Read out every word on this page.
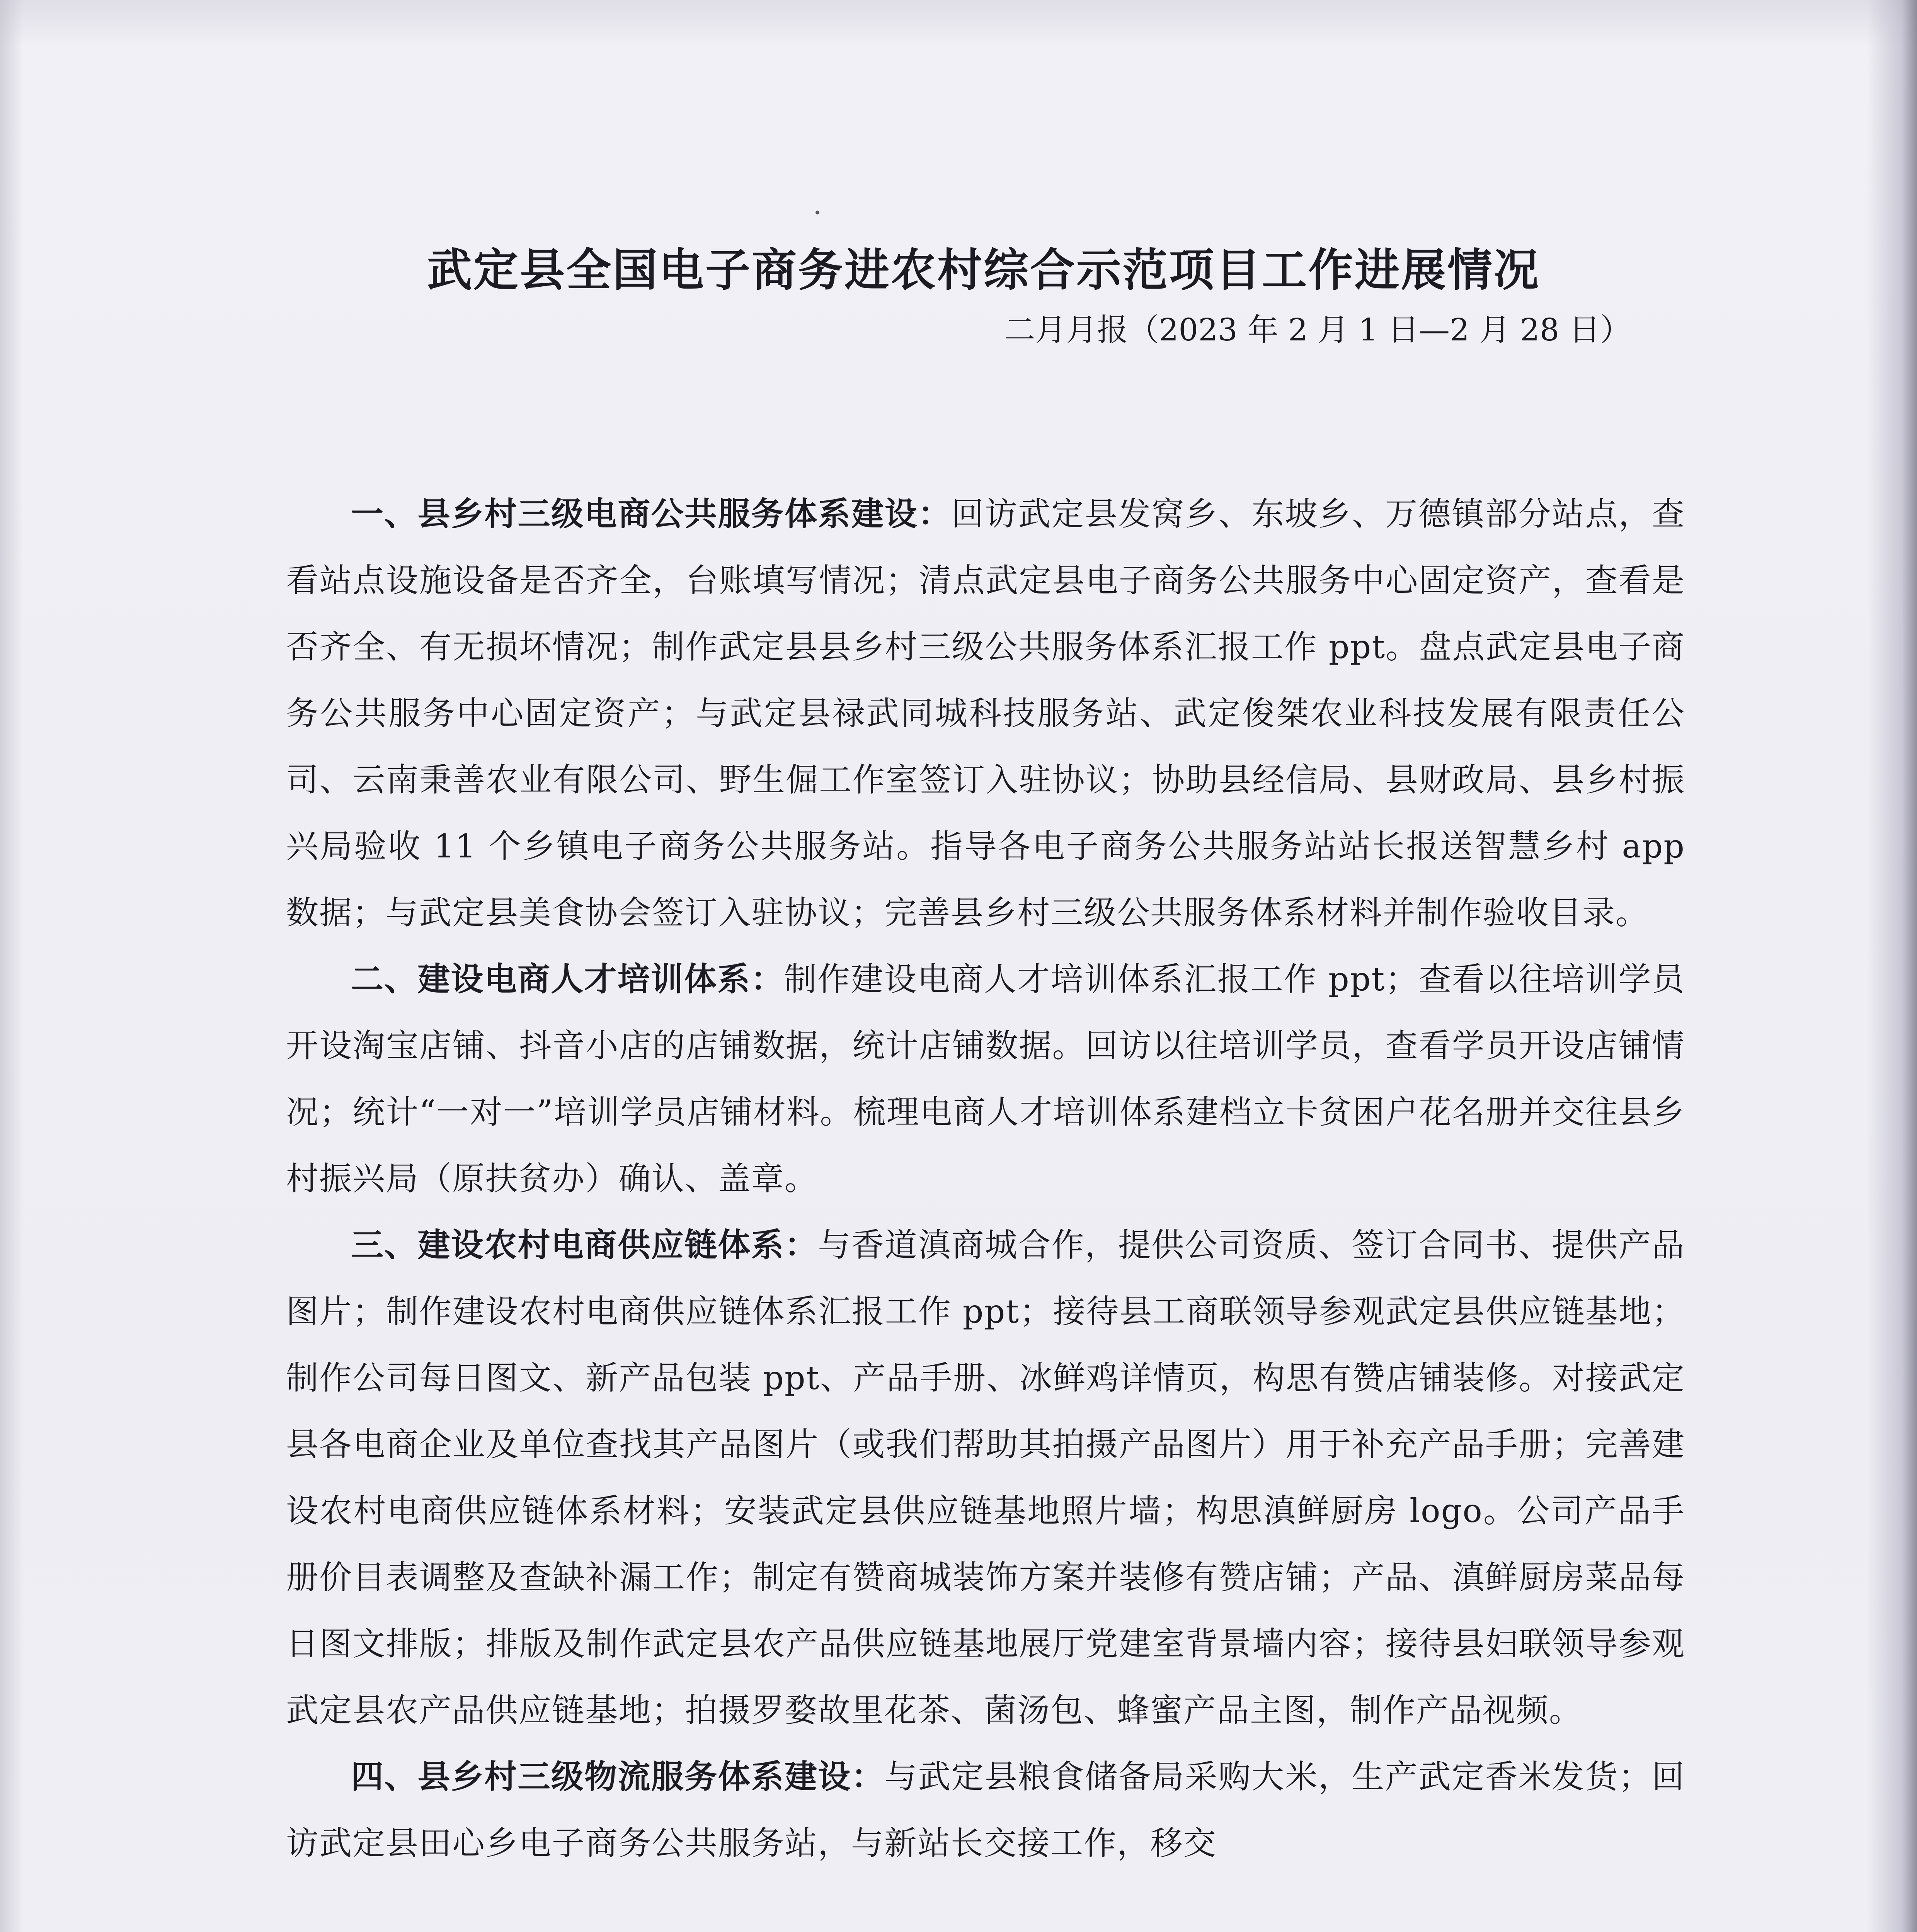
武定县全国电子商务进农村综合示范项目工作进展情况
二月月报（2023 年 2 月 1 日—2 月 28 日）

一、县乡村三级电商公共服务体系建设：回访武定县发窝乡、东坡乡、万德镇部分站点，查看站点设施设备是否齐全，台账填写情况；清点武定县电子商务公共服务中心固定资产，查看是否齐全、有无损坏情况；制作武定县县乡村三级公共服务体系汇报工作 ppt。盘点武定县电子商务公共服务中心固定资产；与武定县禄武同城科技服务站、武定俊桀农业科技发展有限责任公司、云南秉善农业有限公司、野生倔工作室签订入驻协议；协助县经信局、县财政局、县乡村振兴局验收 11 个乡镇电子商务公共服务站。指导各电子商务公共服务站站长报送智慧乡村 app 数据；与武定县美食协会签订入驻协议；完善县乡村三级公共服务体系材料并制作验收目录。

二、建设电商人才培训体系：制作建设电商人才培训体系汇报工作 ppt；查看以往培训学员开设淘宝店铺、抖音小店的店铺数据，统计店铺数据。回访以往培训学员，查看学员开设店铺情况；统计“一对一”培训学员店铺材料。梳理电商人才培训体系建档立卡贫困户花名册并交往县乡村振兴局（原扶贫办）确认、盖章。

三、建设农村电商供应链体系：与香道滇商城合作，提供公司资质、签订合同书、提供产品图片；制作建设农村电商供应链体系汇报工作 ppt；接待县工商联领导参观武定县供应链基地；制作公司每日图文、新产品包装 ppt、产品手册、冰鲜鸡详情页，构思有赞店铺装修。对接武定县各电商企业及单位查找其产品图片（或我们帮助其拍摄产品图片）用于补充产品手册；完善建设农村电商供应链体系材料；安装武定县供应链基地照片墙；构思滇鲜厨房 logo。公司产品手册价目表调整及查缺补漏工作；制定有赞商城装饰方案并装修有赞店铺；产品、滇鲜厨房菜品每日图文排版；排版及制作武定县农产品供应链基地展厅党建室背景墙内容；接待县妇联领导参观武定县农产品供应链基地；拍摄罗婺故里花茶、菌汤包、蜂蜜产品主图，制作产品视频。

四、县乡村三级物流服务体系建设：与武定县粮食储备局采购大米，生产武定香米发货；回访武定县田心乡电子商务公共服务站，与新站长交接工作，移交
